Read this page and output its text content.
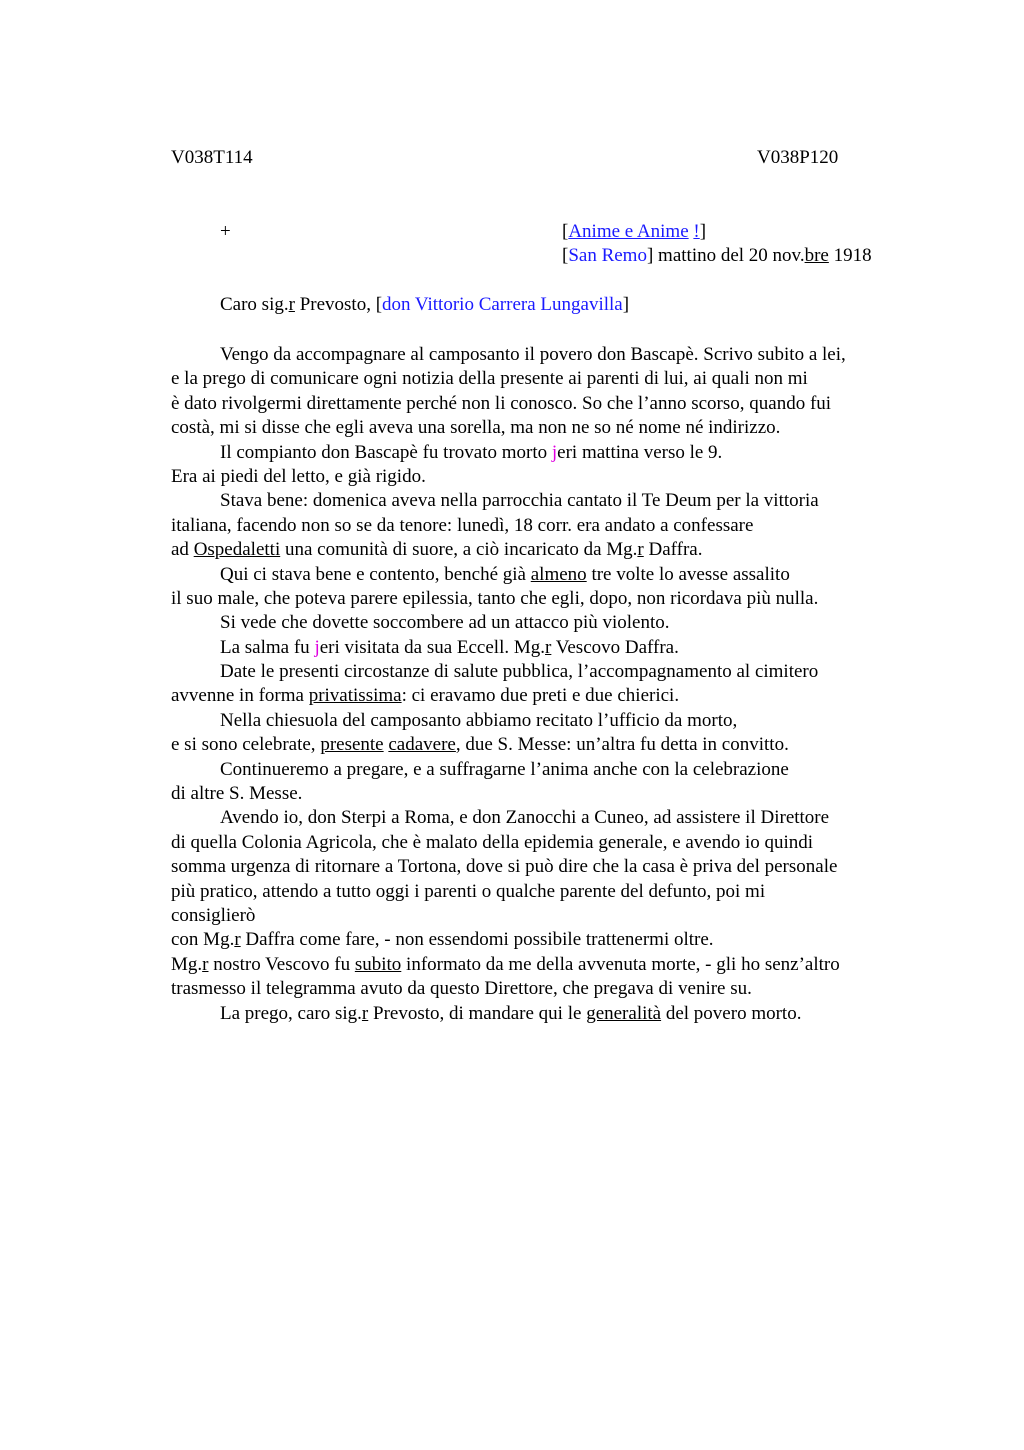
V038T114	V038P120
+	[Anime e Anime !]
[San Remo] mattino del 20 nov.bre 1918
Caro sig.r Prevosto, [don Vittorio Carrera Lungavilla]
Vengo da accompagnare al camposanto il povero don Bascapè. Scrivo subito a lei,
e la prego di comunicare ogni notizia della presente ai parenti di lui, ai quali non mi
è dato rivolgermi direttamente perché non li conosco. So che l’anno scorso, quando fui
costà, mi si disse che egli aveva una sorella, ma non ne so né nome né indirizzo.
Il compianto don Bascapè fu trovato morto jeri mattina verso le 9.
Era ai piedi del letto, e già rigido.
Stava bene: domenica aveva nella parrocchia cantato il Te Deum per la vittoria
italiana, facendo non so se da tenore: lunedì, 18 corr. era andato a confessare
ad Ospedaletti una comunità di suore, a ciò incaricato da Mg.r Daffra.
Qui ci stava bene e contento, benché già almeno tre volte lo avesse assalito
il suo male, che poteva parere epilessia, tanto che egli, dopo, non ricordava più nulla.
Si vede che dovette soccombere ad un attacco più violento.
La salma fu jeri visitata da sua Eccell. Mg.r Vescovo Daffra.
Date le presenti circostanze di salute pubblica, l’accompagnamento al cimitero
avvenne in forma privatissima: ci eravamo due preti e due chierici.
Nella chiesuola del camposanto abbiamo recitato l’ufficio da morto,
e si sono celebrate, presente cadavere, due S. Messe: un’altra fu detta in convitto.
Continueremo a pregare, e a suffragarne l’anima anche con la celebrazione
di altre S. Messe.
Avendo io, don Sterpi a Roma, e don Zanocchi a Cuneo, ad assistere il Direttore
di quella Colonia Agricola, che è malato della epidemia generale, e avendo io quindi
somma urgenza di ritornare a Tortona, dove si può dire che la casa è priva del personale
più pratico, attendo a tutto oggi i parenti o qualche parente del defunto, poi mi
consiglierò
con Mg.r Daffra come fare, - non essendomi possibile trattenermi oltre.
Mg.r nostro Vescovo fu subito informato da me della avvenuta morte, - gli ho senz’altro
trasmesso il telegramma avuto da questo Direttore, che pregava di venire su.
La prego, caro sig.r Prevosto, di mandare qui le generalità del povero morto.
